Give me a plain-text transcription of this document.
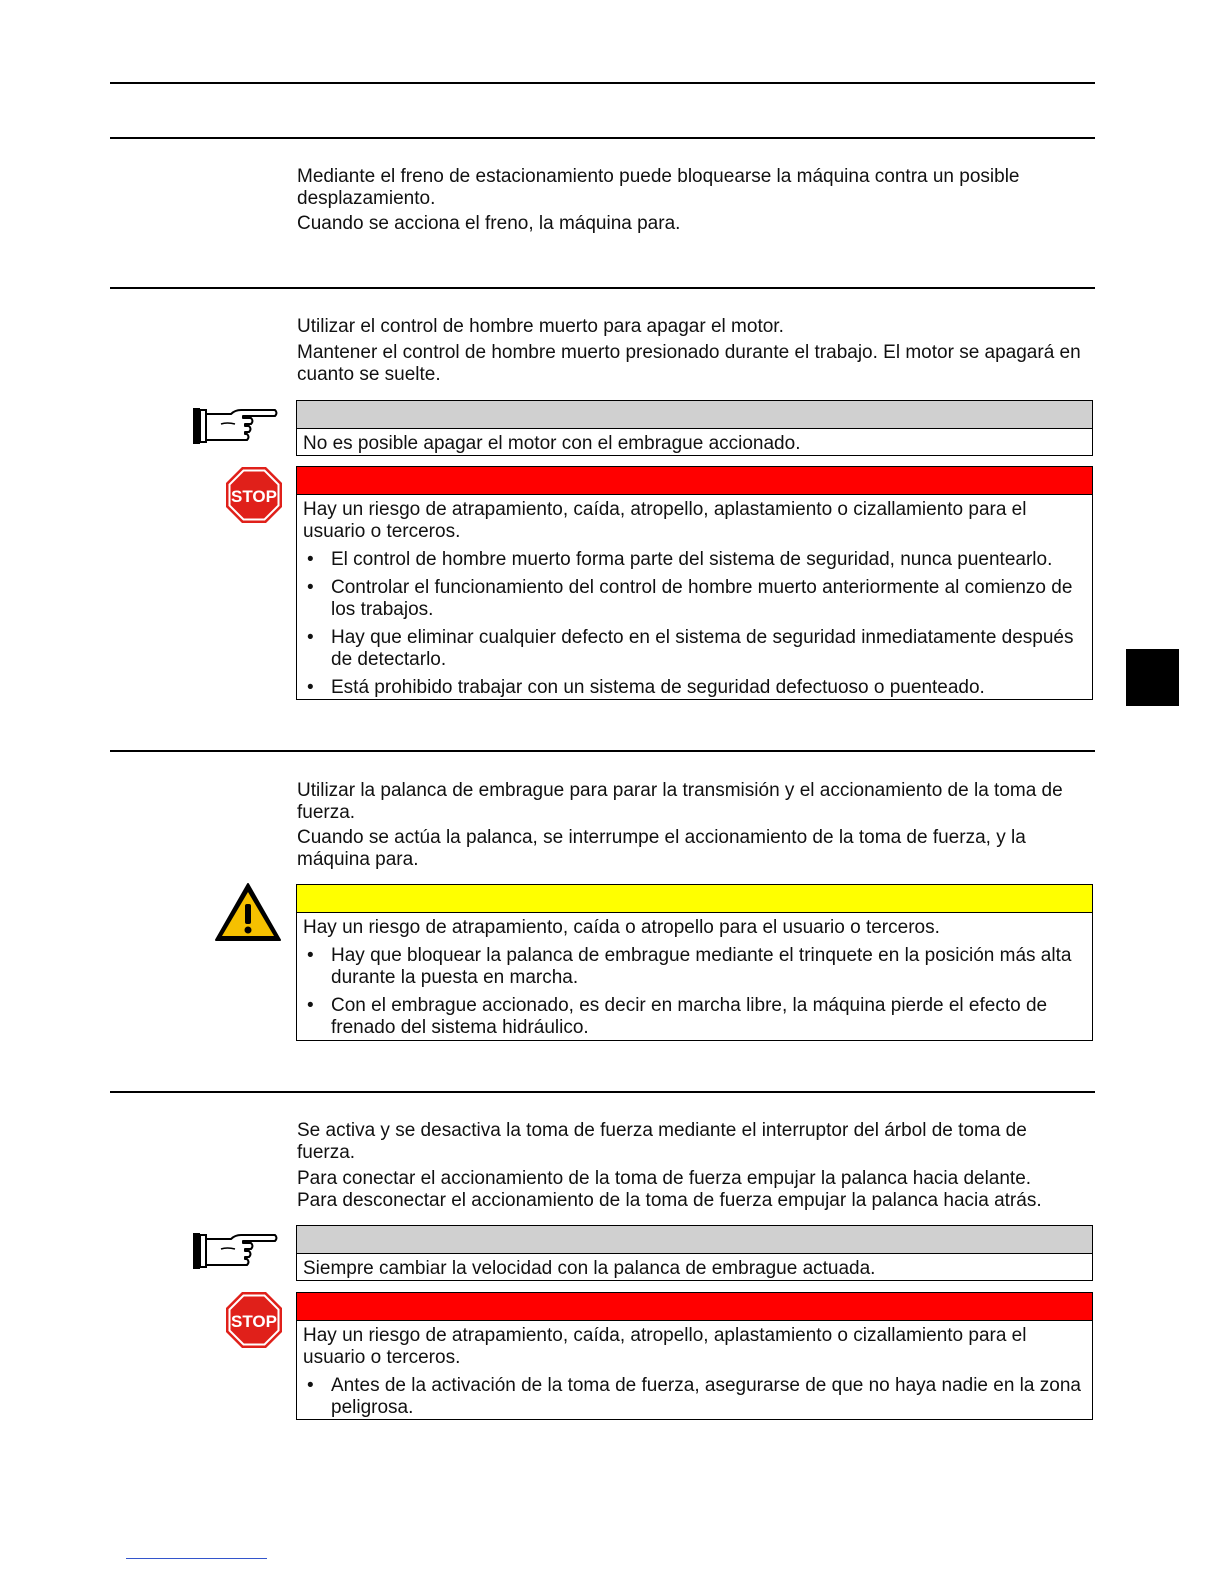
Mediante el freno de estacionamiento puede bloquearse la máquina contra un posible desplazamiento.

Cuando se acciona el freno, la máquina para.

Utilizar el control de hombre muerto para apagar el motor.

Mantener el control de hombre muerto presionado durante el trabajo. El motor se apagará en cuanto se suelte.

No es posible apagar el motor con el embrague accionado.

STOP

Hay un riesgo de atrapamiento, caída, atropello, aplastamiento o cizallamiento para el usuario o terceros.

• El control de hombre muerto forma parte del sistema de seguridad, nunca puentearlo.
• Controlar el funcionamiento del control de hombre muerto anteriormente al comienzo de los trabajos.
• Hay que eliminar cualquier defecto en el sistema de seguridad inmediatamente después de detectarlo.
• Está prohibido trabajar con un sistema de seguridad defectuoso o puenteado.

Utilizar la palanca de embrague para parar la transmisión y el accionamiento de la toma de fuerza.

Cuando se actúa la palanca, se interrumpe el accionamiento de la toma de fuerza, y la máquina para.

Hay un riesgo de atrapamiento, caída o atropello para el usuario o terceros.

• Hay que bloquear la palanca de embrague mediante el trinquete en la posición más alta durante la puesta en marcha.
• Con el embrague accionado, es decir en marcha libre, la máquina pierde el efecto de frenado del sistema hidráulico.

Se activa y se desactiva la toma de fuerza mediante el interruptor del árbol de toma de fuerza.

Para conectar el accionamiento de la toma de fuerza empujar la palanca hacia delante.

Para desconectar el accionamiento de la toma de fuerza empujar la palanca hacia atrás.

Siempre cambiar la velocidad con la palanca de embrague actuada.

STOP

Hay un riesgo de atrapamiento, caída, atropello, aplastamiento o cizallamiento para el usuario o terceros.

• Antes de la activación de la toma de fuerza, asegurarse de que no haya nadie en la zona peligrosa.
